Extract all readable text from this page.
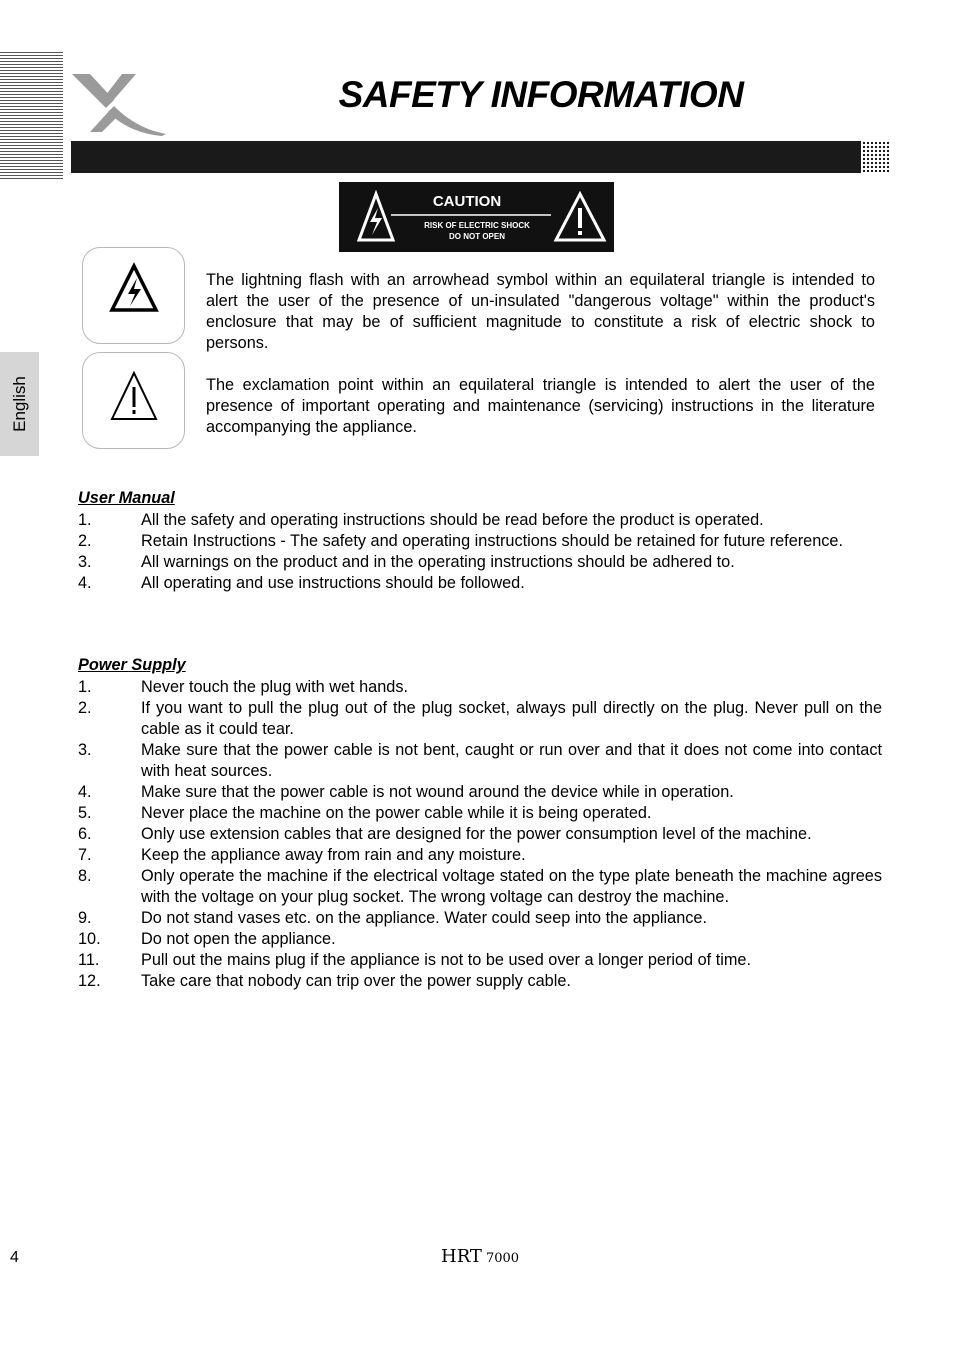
English
SAFETY INFORMATION
CAUTION
RISK OF ELECTRIC SHOCK
DO NOT OPEN
The lightning flash with an arrowhead symbol within an equilateral triangle is intended to alert the user of the presence of un-insulated "dangerous voltage" within the product's enclosure that may be of sufficient magnitude to constitute a risk of electric shock to persons.
The exclamation point within an equilateral triangle is intended to alert the user of the presence of important operating and maintenance (servicing) instructions in the literature accompanying the appliance.
User Manual
1.	All the safety and operating instructions should be read before the product is operated.
2.	Retain Instructions - The safety and operating instructions should be retained for future reference.
3.	All warnings on the product and in the operating instructions should be adhered to.
4.	All operating and use instructions should be followed.
Power Supply
1.	Never touch the plug with wet hands.
2.	If you want to pull the plug out of the plug socket, always pull directly on the plug. Never pull on the cable as it could tear.
3.	Make sure that the power cable is not bent, caught or run over and that it does not come into contact with heat sources.
4.	Make sure that the power cable is not wound around the device while in operation.
5.	Never place the machine on the power cable while it is being operated.
6.	Only use extension cables that are designed for the power consumption level of the machine.
7.	Keep the appliance away from rain and any moisture.
8.	Only operate the machine if the electrical voltage stated on the type plate beneath the machine agrees with the voltage on your plug socket. The wrong voltage can destroy the machine.
9.	Do not stand vases etc. on the appliance. Water could seep into the appliance.
10.	Do not open the appliance.
11.	Pull out the mains plug if the appliance is not to be used over a longer period of time.
12.	Take care that nobody can trip over the power supply cable.
4	HRT 7000
